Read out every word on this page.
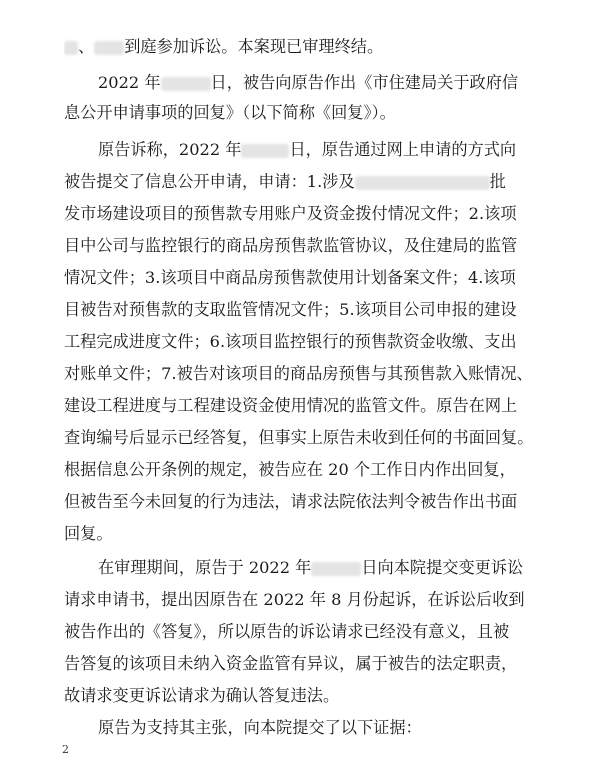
、 到庭参加诉讼。本案现已审理终结。
2022 年	日，被告向原告作出《市住建局关于政府信
息公开申请事项的回复》（以下简称《回复》）。
原告诉称，2022 年	日，原告通过网上申请的方式向
被告提交了信息公开申请，申请：1.涉及	批
发市场建设项目的预售款专用账户及资金拨付情况文件；2.该项
目中公司与监控银行的商品房预售款监管协议，及住建局的监管
情况文件；3.该项目中商品房预售款使用计划备案文件；4.该项
目被告对预售款的支取监管情况文件；5.该项目公司申报的建设
工程完成进度文件；6.该项目监控银行的预售款资金收缴、支出
对账单文件；7.被告对该项目的商品房预售与其预售款入账情况、
建设工程进度与工程建设资金使用情况的监管文件。原告在网上
查询编号后显示已经答复，但事实上原告未收到任何的书面回复。
根据信息公开条例的规定，被告应在 20 个工作日内作出回复，
但被告至今未回复的行为违法，请求法院依法判令被告作出书面
回复。
在审理期间，原告于 2022 年	日向本院提交变更诉讼
请求申请书，提出因原告在 2022 年 8 月份起诉，在诉讼后收到
被告作出的《答复》，所以原告的诉讼请求已经没有意义，且被
告答复的该项目未纳入资金监管有异议，属于被告的法定职责，
故请求变更诉讼请求为确认答复违法。
原告为支持其主张，向本院提交了以下证据：
2
